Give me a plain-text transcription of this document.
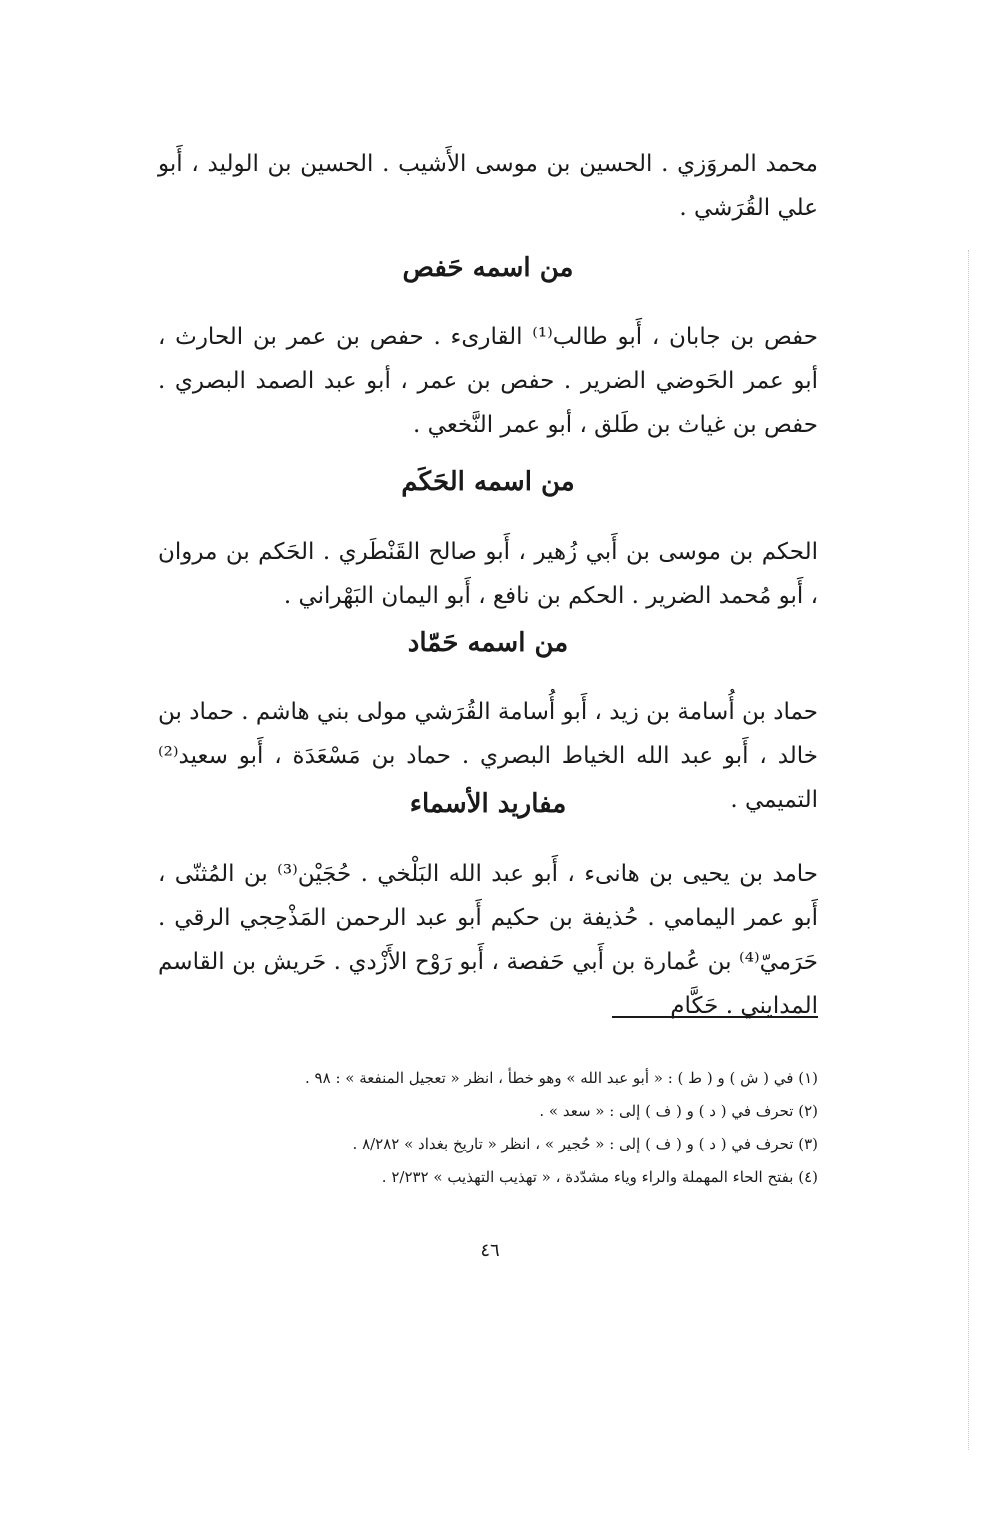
محمد المروَزي . الحسين بن موسى الأَشيب . الحسين بن الوليد ، أَبو علي القُرَشي .

من اسمه حَفص

حفص بن جابان ، أَبو طالب⁽¹⁾ القارىء . حفص بن عمر بن الحارث ، أبو عمر الحَوضي الضرير . حفص بن عمر ، أبو عبد الصمد البصري . حفص بن غياث بن طَلق ، أبو عمر النَّخعي .

من اسمه الحَكَم

الحكم بن موسى بن أَبي زُهير ، أَبو صالح القَنْطَري . الحَكم بن مروان ، أَبو مُحمد الضرير . الحكم بن نافع ، أَبو اليمان البَهْراني .

من اسمه حَمّاد

حماد بن أُسامة بن زيد ، أَبو أُسامة القُرَشي مولى بني هاشم . حماد بن خالد ، أَبو عبد الله الخياط البصري . حماد بن مَسْعَدَة ، أَبو سعيد⁽²⁾ التميمي .

مفاريد الأسماء

حامد بن يحيى بن هانىء ، أَبو عبد الله البَلْخي . حُجَيْن⁽³⁾ بن المُثنّى ، أَبو عمر اليمامي . حُذيفة بن حكيم أَبو عبد الرحمن المَذْحِجي الرقي . حَرَميّ⁽⁴⁾ بن عُمارة بن أَبي حَفصة ، أَبو رَوْح الأَزْدي . حَريش بن القاسم المدايني . حَكَّام

(١) في ( ش ) و ( ط ) : « أبو عبد الله » وهو خطأ ، انظر « تعجيل المنفعة » : ٩٨ .
(٢) تحرف في ( د ) و ( ف ) إلى : « سعد » .
(٣) تحرف في ( د ) و ( ف ) إلى : « حُجير » ، انظر « تاريخ بغداد » ٨/٢٨٢ .
(٤) بفتح الحاء المهملة والراء وياء مشدّدة ، « تهذيب التهذيب » ٢/٢٣٢ .
٤٦
